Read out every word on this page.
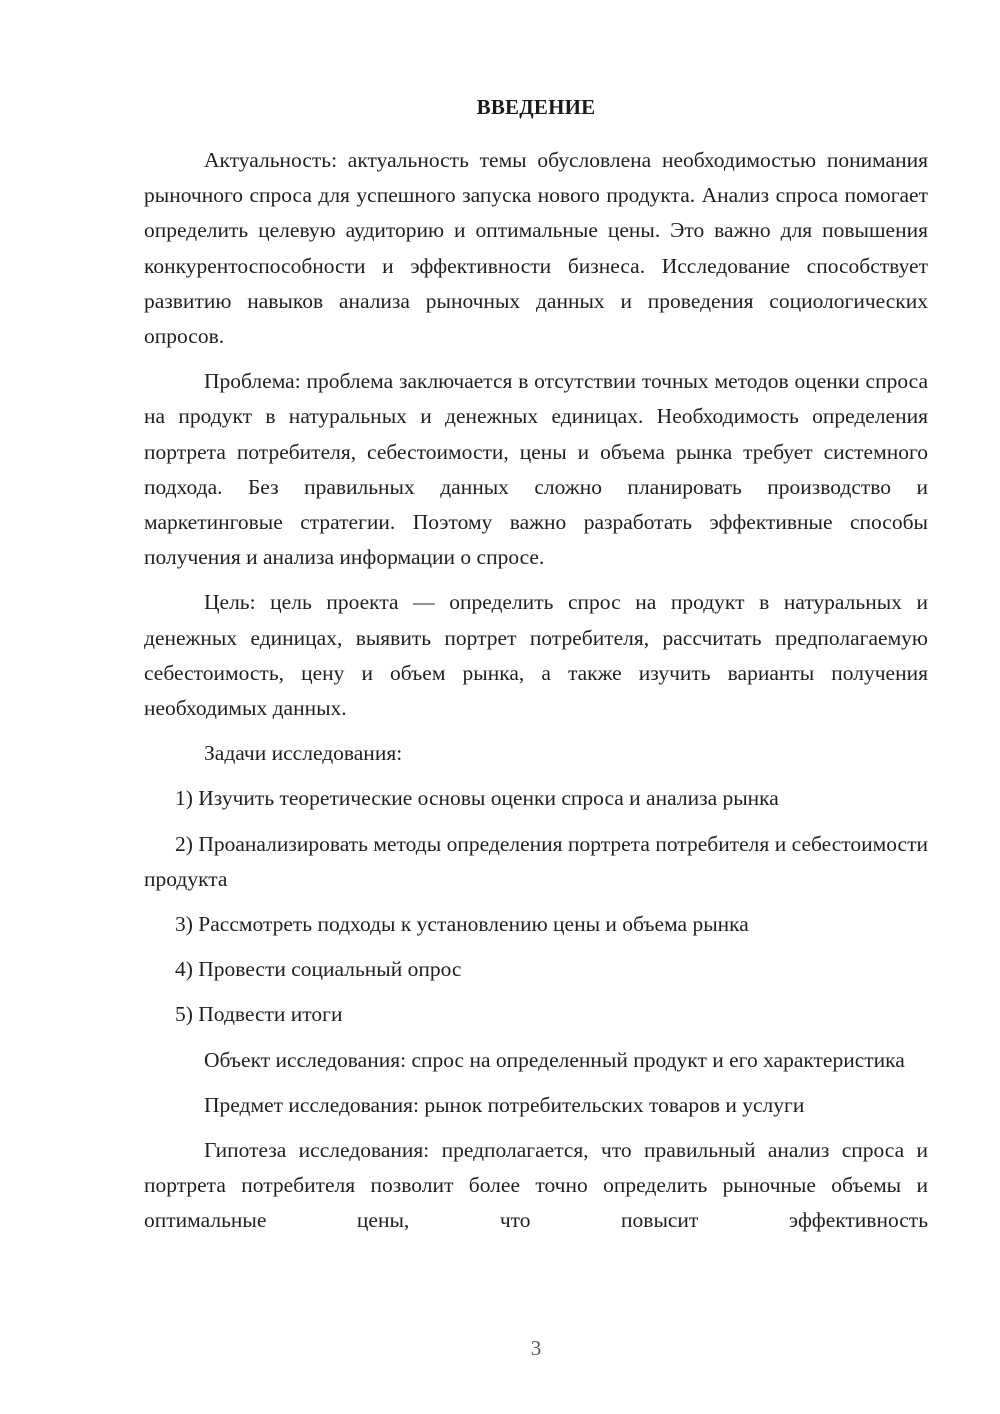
ВВЕДЕНИЕ

Актуальность: актуальность темы обусловлена необходимостью понимания рыночного спроса для успешного запуска нового продукта. Анализ спроса помогает определить целевую аудиторию и оптимальные цены. Это важно для повышения конкурентоспособности и эффективности бизнеса. Исследование способствует развитию навыков анализа рыночных данных и проведения социологических опросов.

Проблема: проблема заключается в отсутствии точных методов оценки спроса на продукт в натуральных и денежных единицах. Необходимость определения портрета потребителя, себестоимости, цены и объема рынка требует системного подхода. Без правильных данных сложно планировать производство и маркетинговые стратегии. Поэтому важно разработать эффективные способы получения и анализа информации о спросе.

Цель: цель проекта — определить спрос на продукт в натуральных и денежных единицах, выявить портрет потребителя, рассчитать предполагаемую себестоимость, цену и объем рынка, а также изучить варианты получения необходимых данных.

Задачи исследования:

1) Изучить теоретические основы оценки спроса и анализа рынка

2) Проанализировать методы определения портрета потребителя и себестоимости продукта

3) Рассмотреть подходы к установлению цены и объема рынка

4) Провести социальный опрос

5) Подвести итоги

Объект исследования: спрос на определенный продукт и его характеристика

Предмет исследования: рынок потребительских товаров и услуги

Гипотеза исследования: предполагается, что правильный анализ спроса и портрета потребителя позволит более точно определить рыночные объемы и оптимальные цены, что повысит эффективность

3
